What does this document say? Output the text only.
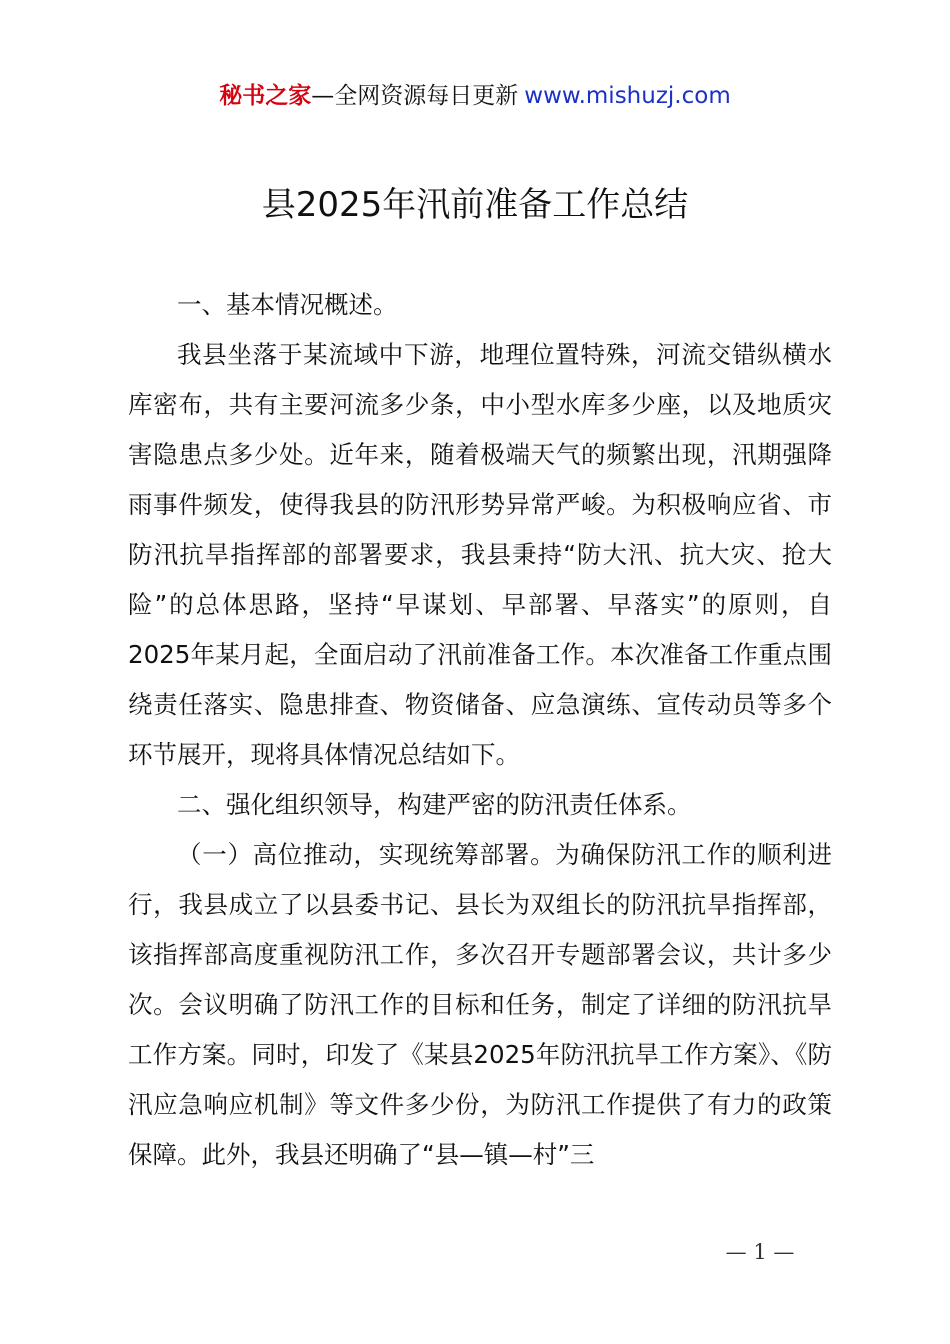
秘书之家—全网资源每日更新 www.mishuzj.com
县2025年汛前准备工作总结

一、基本情况概述。

我县坐落于某流域中下游，地理位置特殊，河流交错纵横水库密布，共有主要河流多少条，中小型水库多少座，以及地质灾害隐患点多少处。近年来，随着极端天气的频繁出现，汛期强降雨事件频发，使得我县的防汛形势异常严峻。为积极响应省、市防汛抗旱指挥部的部署要求，我县秉持“防大汛、抗大灾、抢大险”的总体思路，坚持“早谋划、早部署、早落实”的原则，自2025年某月起，全面启动了汛前准备工作。本次准备工作重点围绕责任落实、隐患排查、物资储备、应急演练、宣传动员等多个环节展开，现将具体情况总结如下。

二、强化组织领导，构建严密的防汛责任体系。

（一）高位推动，实现统筹部署。为确保防汛工作的顺利进行，我县成立了以县委书记、县长为双组长的防汛抗旱指挥部，该指挥部高度重视防汛工作，多次召开专题部署会议，共计多少次。会议明确了防汛工作的目标和任务，制定了详细的防汛抗旱工作方案。同时，印发了《某县2025年防汛抗旱工作方案》、《防汛应急响应机制》等文件多少份，为防汛工作提供了有力的政策保障。此外，我县还明确了“县—镇—村”三

— 1 —
